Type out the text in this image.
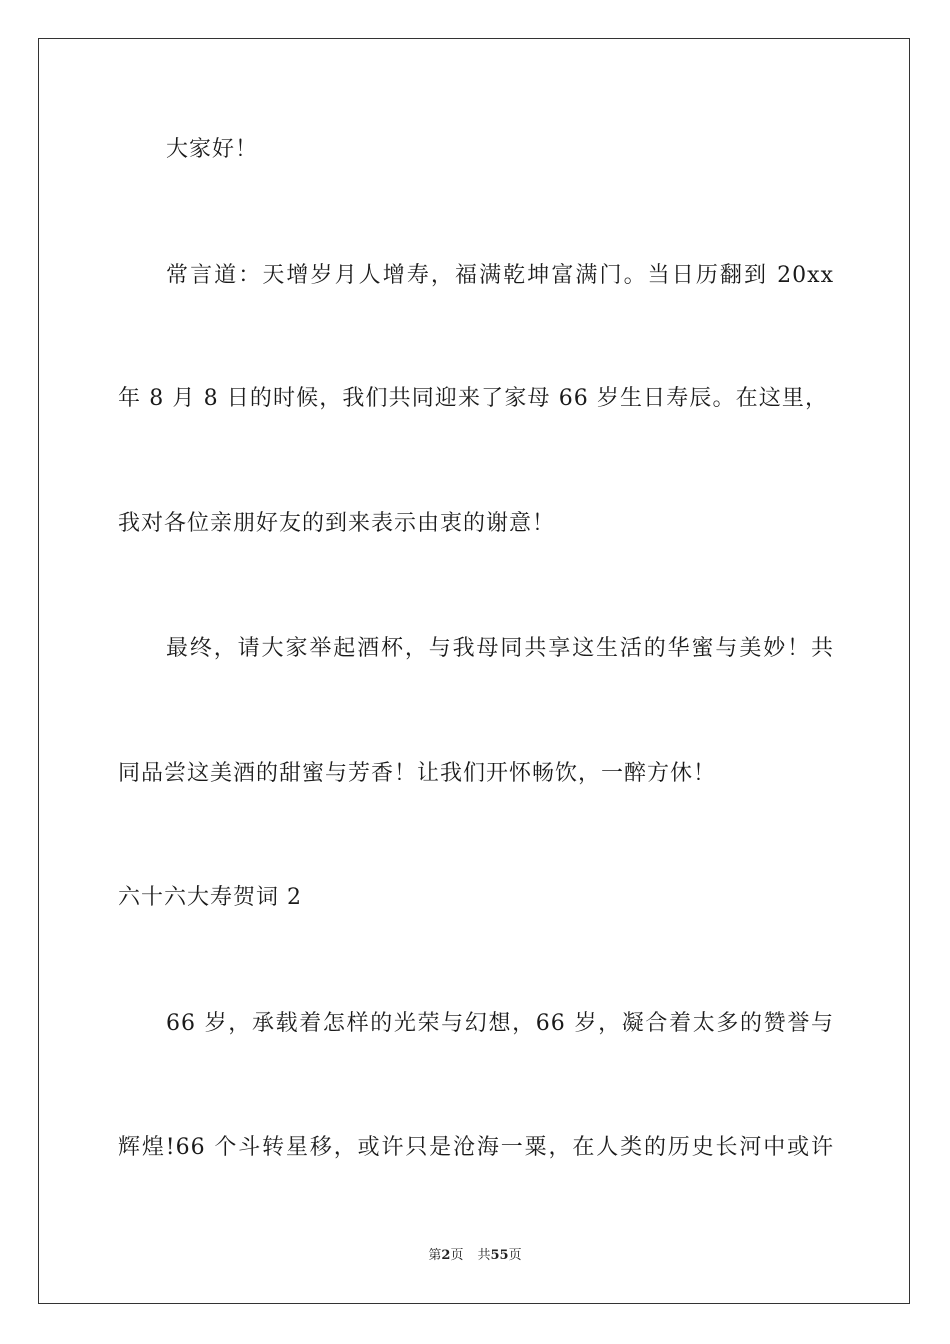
大家好！
常言道：天增岁月人增寿，福满乾坤富满门。当日历翻到 20xx
年 8 月 8 日的时候，我们共同迎来了家母 66 岁生日寿辰。在这里，
我对各位亲朋好友的到来表示由衷的谢意！
最终，请大家举起酒杯，与我母同共享这生活的华蜜与美妙！共
同品尝这美酒的甜蜜与芳香！让我们开怀畅饮，一醉方休！
六十六大寿贺词 2
66 岁，承载着怎样的光荣与幻想，66 岁，凝合着太多的赞誉与
辉煌!66 个斗转星移，或许只是沧海一粟，在人类的历史长河中或许
第2页 共55页
